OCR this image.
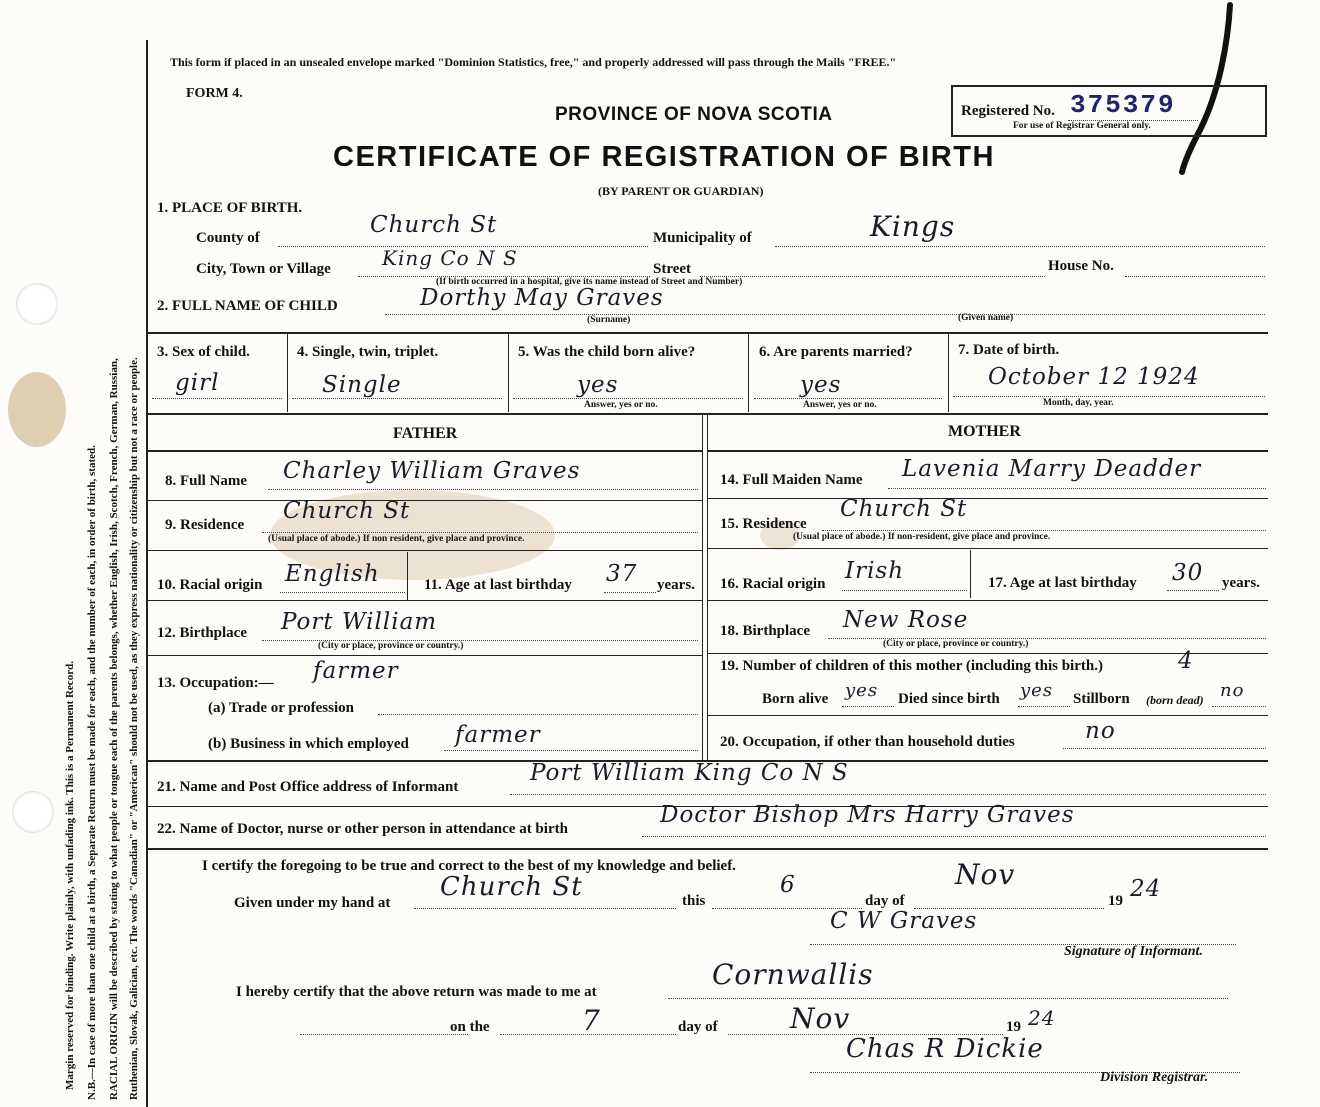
Margin reserved for binding. Write plainly, with unfading ink. This is a Permanent Record. N.B.—In case of more than one child at a birth, a Separate Return must be made for each, and the number of each, in order of birth, stated. RACIAL ORIGIN will be described by stating to what people or tongue each of the parents belongs, whether English, Irish, Scotch, French, German, Russian, Ruthenian, Slovak, Galician, etc. The words "Canadian" or "American" should not be used, as they express nationality or citizenship but not a race or people.
This form if placed in an unsealed envelope marked "Dominion Statistics, free," and properly addressed will pass through the Mails "FREE."
FORM 4.
PROVINCE OF NOVA SCOTIA
CERTIFICATE OF REGISTRATION OF BIRTH
(BY PARENT OR GUARDIAN)
Registered No. 375379
For use of Registrar General only.
1. PLACE OF BIRTH.
County of	Church St	Municipality of	Kings
City, Town or Village	King Co N S	Street	House No.
(If birth occurred in a hospital, give its name instead of Street and Number)
2. FULL NAME OF CHILD	Dorthy May Graves
(Surname)	(Given name)
3. Sex of child.
girl
4. Single, twin, triplet.
Single
5. Was the child born alive?
yes
Answer, yes or no.
6. Are parents married?
yes
Answer, yes or no.
7. Date of birth.
October 12 1924
Month, day, year.
FATHER	MOTHER
8. Full Name Charley William Graves
9. Residence
Church St
(Usual place of abode.) If non resident, give place and province.
10. Racial origin English	11. Age at last birthday 37 years.
12. Birthplace Port William
(City or place, province or country.)
13. Occupation:— farmer
(a) Trade or profession
(b) Business in which employed farmer
14. Full Maiden Name Lavenia Marry Deadder
15. Residence
Church St
(Usual place of abode.) If non-resident, give place and province.
16. Racial origin Irish	17. Age at last birthday 30 years.
18. Birthplace New Rose
(City or place, province or country.)
19. Number of children of this mother (including this birth.)	4
Born alive yes Died since birth yes Stillborn (born dead) no
20. Occupation, if other than household duties	no
21. Name and Post Office address of Informant
Port William King Co N S
22. Name of Doctor, nurse or other person in attendance at birth
Doctor Bishop Mrs Harry Graves
I certify the foregoing to be true and correct to the best of my knowledge and belief.
Given under my hand at
Church St	this
6
day of
Nov
19 24
C W Graves
Signature of Informant.
I hereby certify that the above return was made to me at
Cornwallis
on the	7	day of	Nov	19 24
Chas R Dickie
Division Registrar.
